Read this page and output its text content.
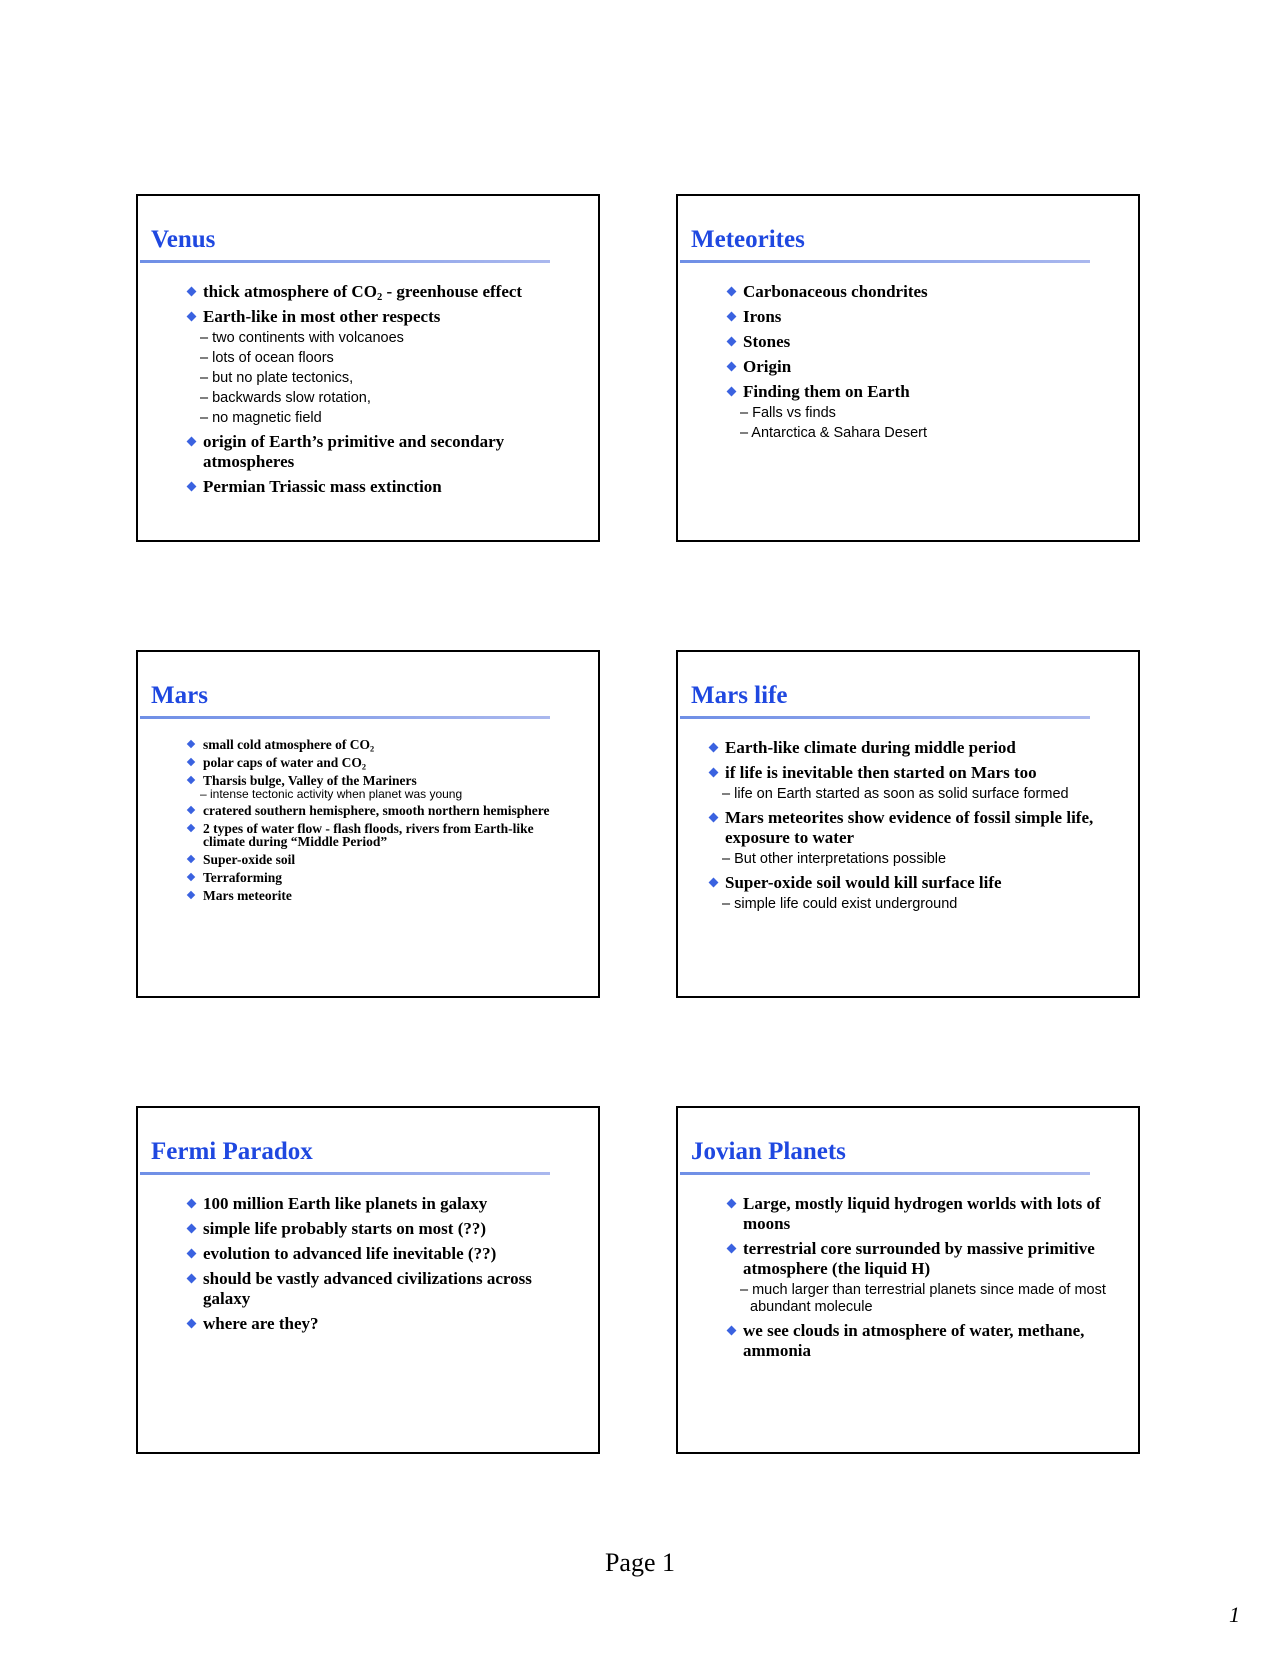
Venus
thick atmosphere of $CO_2$ - greenhouse effect
Earth-like in most other respects
– two continents with volcanoes
– lots of ocean floors
– but no plate tectonics,
– backwards slow rotation,
– no magnetic field
origin of Earth’s primitive and secondary atmospheres
Permian Triassic mass extinction
Meteorites
Carbonaceous chondrites
Irons
Stones
Origin
Finding them on Earth
– Falls vs finds
– Antarctica & Sahara Desert
Mars
small cold atmosphere of $CO_2$
polar caps of water and $CO_2$
Tharsis bulge, Valley of the Mariners
– intense tectonic activity when planet was young
cratered southern hemisphere, smooth northern hemisphere
2 types of water flow - flash floods, rivers from Earth-like climate during “Middle Period”
Super-oxide soil
Terraforming
Mars meteorite
Mars life
Earth-like climate during middle period
if life is inevitable then started on Mars too
– life on Earth started as soon as solid surface formed
Mars meteorites show evidence of fossil simple life, exposure to water
– But other interpretations possible
Super-oxide soil would kill surface life
– simple life could exist underground
Fermi Paradox
100 million Earth like planets in galaxy
simple life probably starts on most (??)
evolution to advanced life inevitable (??)
should be vastly advanced civilizations across galaxy
where are they?
Jovian Planets
Large, mostly liquid hydrogen worlds with lots of moons
terrestrial core surrounded by massive primitive atmosphere (the liquid H)
– much larger than terrestrial planets since made of most abundant molecule
we see clouds in atmosphere of water, methane, ammonia
Page 1
1
